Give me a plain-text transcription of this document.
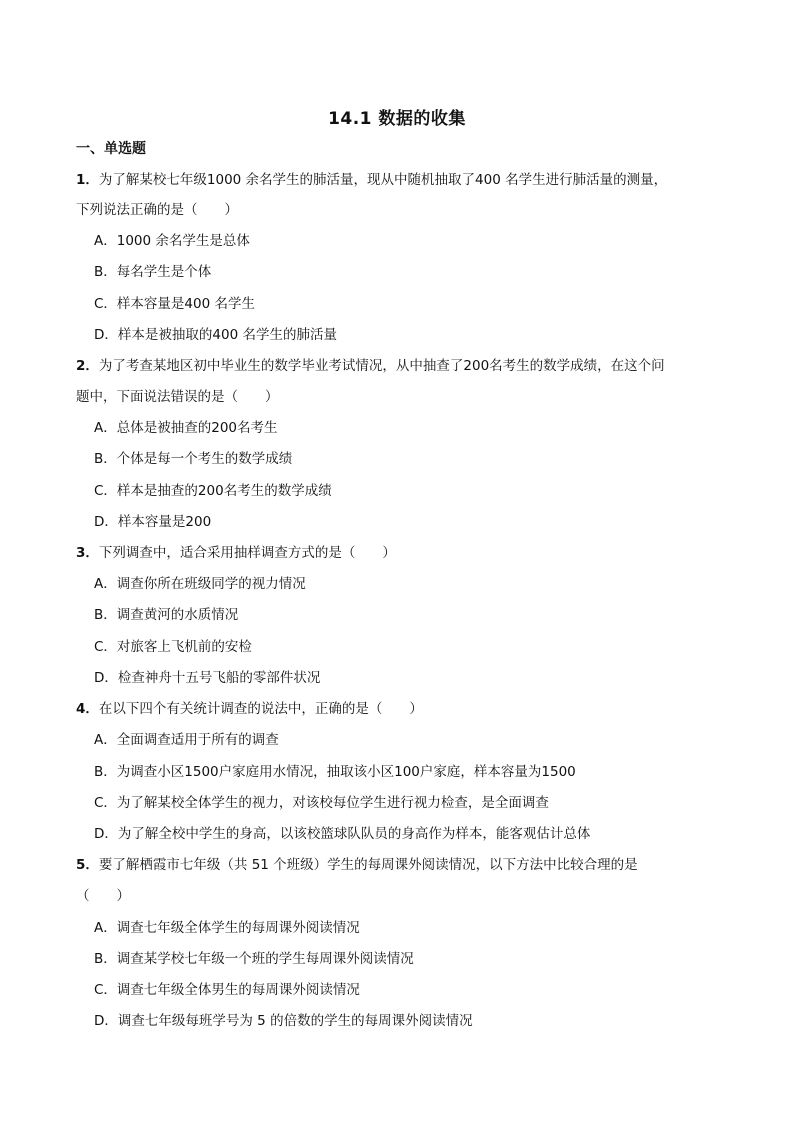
14.1 数据的收集
一、单选题
1．为了解某校七年级1000 余名学生的肺活量，现从中随机抽取了400 名学生进行肺活量的测量，
下列说法正确的是（　　）
A．1000 余名学生是总体
B．每名学生是个体
C．样本容量是400 名学生
D．样本是被抽取的400 名学生的肺活量
2．为了考查某地区初中毕业生的数学毕业考试情况，从中抽查了200名考生的数学成绩，在这个问
题中，下面说法错误的是（　　）
A．总体是被抽查的200名考生
B．个体是每一个考生的数学成绩
C．样本是抽查的200名考生的数学成绩
D．样本容量是200
3．下列调查中，适合采用抽样调查方式的是（　　）
A．调查你所在班级同学的视力情况
B．调查黄河的水质情况
C．对旅客上飞机前的安检
D．检查神舟十五号飞船的零部件状况
4．在以下四个有关统计调查的说法中，正确的是（　　）
A．全面调查适用于所有的调查
B．为调查小区1500户家庭用水情况，抽取该小区100户家庭，样本容量为1500
C．为了解某校全体学生的视力，对该校每位学生进行视力检查，是全面调查
D．为了解全校中学生的身高，以该校篮球队队员的身高作为样本，能客观估计总体
5．要了解栖霞市七年级（共 51 个班级）学生的每周课外阅读情况，以下方法中比较合理的是
（　　）
A．调查七年级全体学生的每周课外阅读情况
B．调查某学校七年级一个班的学生每周课外阅读情况
C．调查七年级全体男生的每周课外阅读情况
D．调查七年级每班学号为 5 的倍数的学生的每周课外阅读情况
